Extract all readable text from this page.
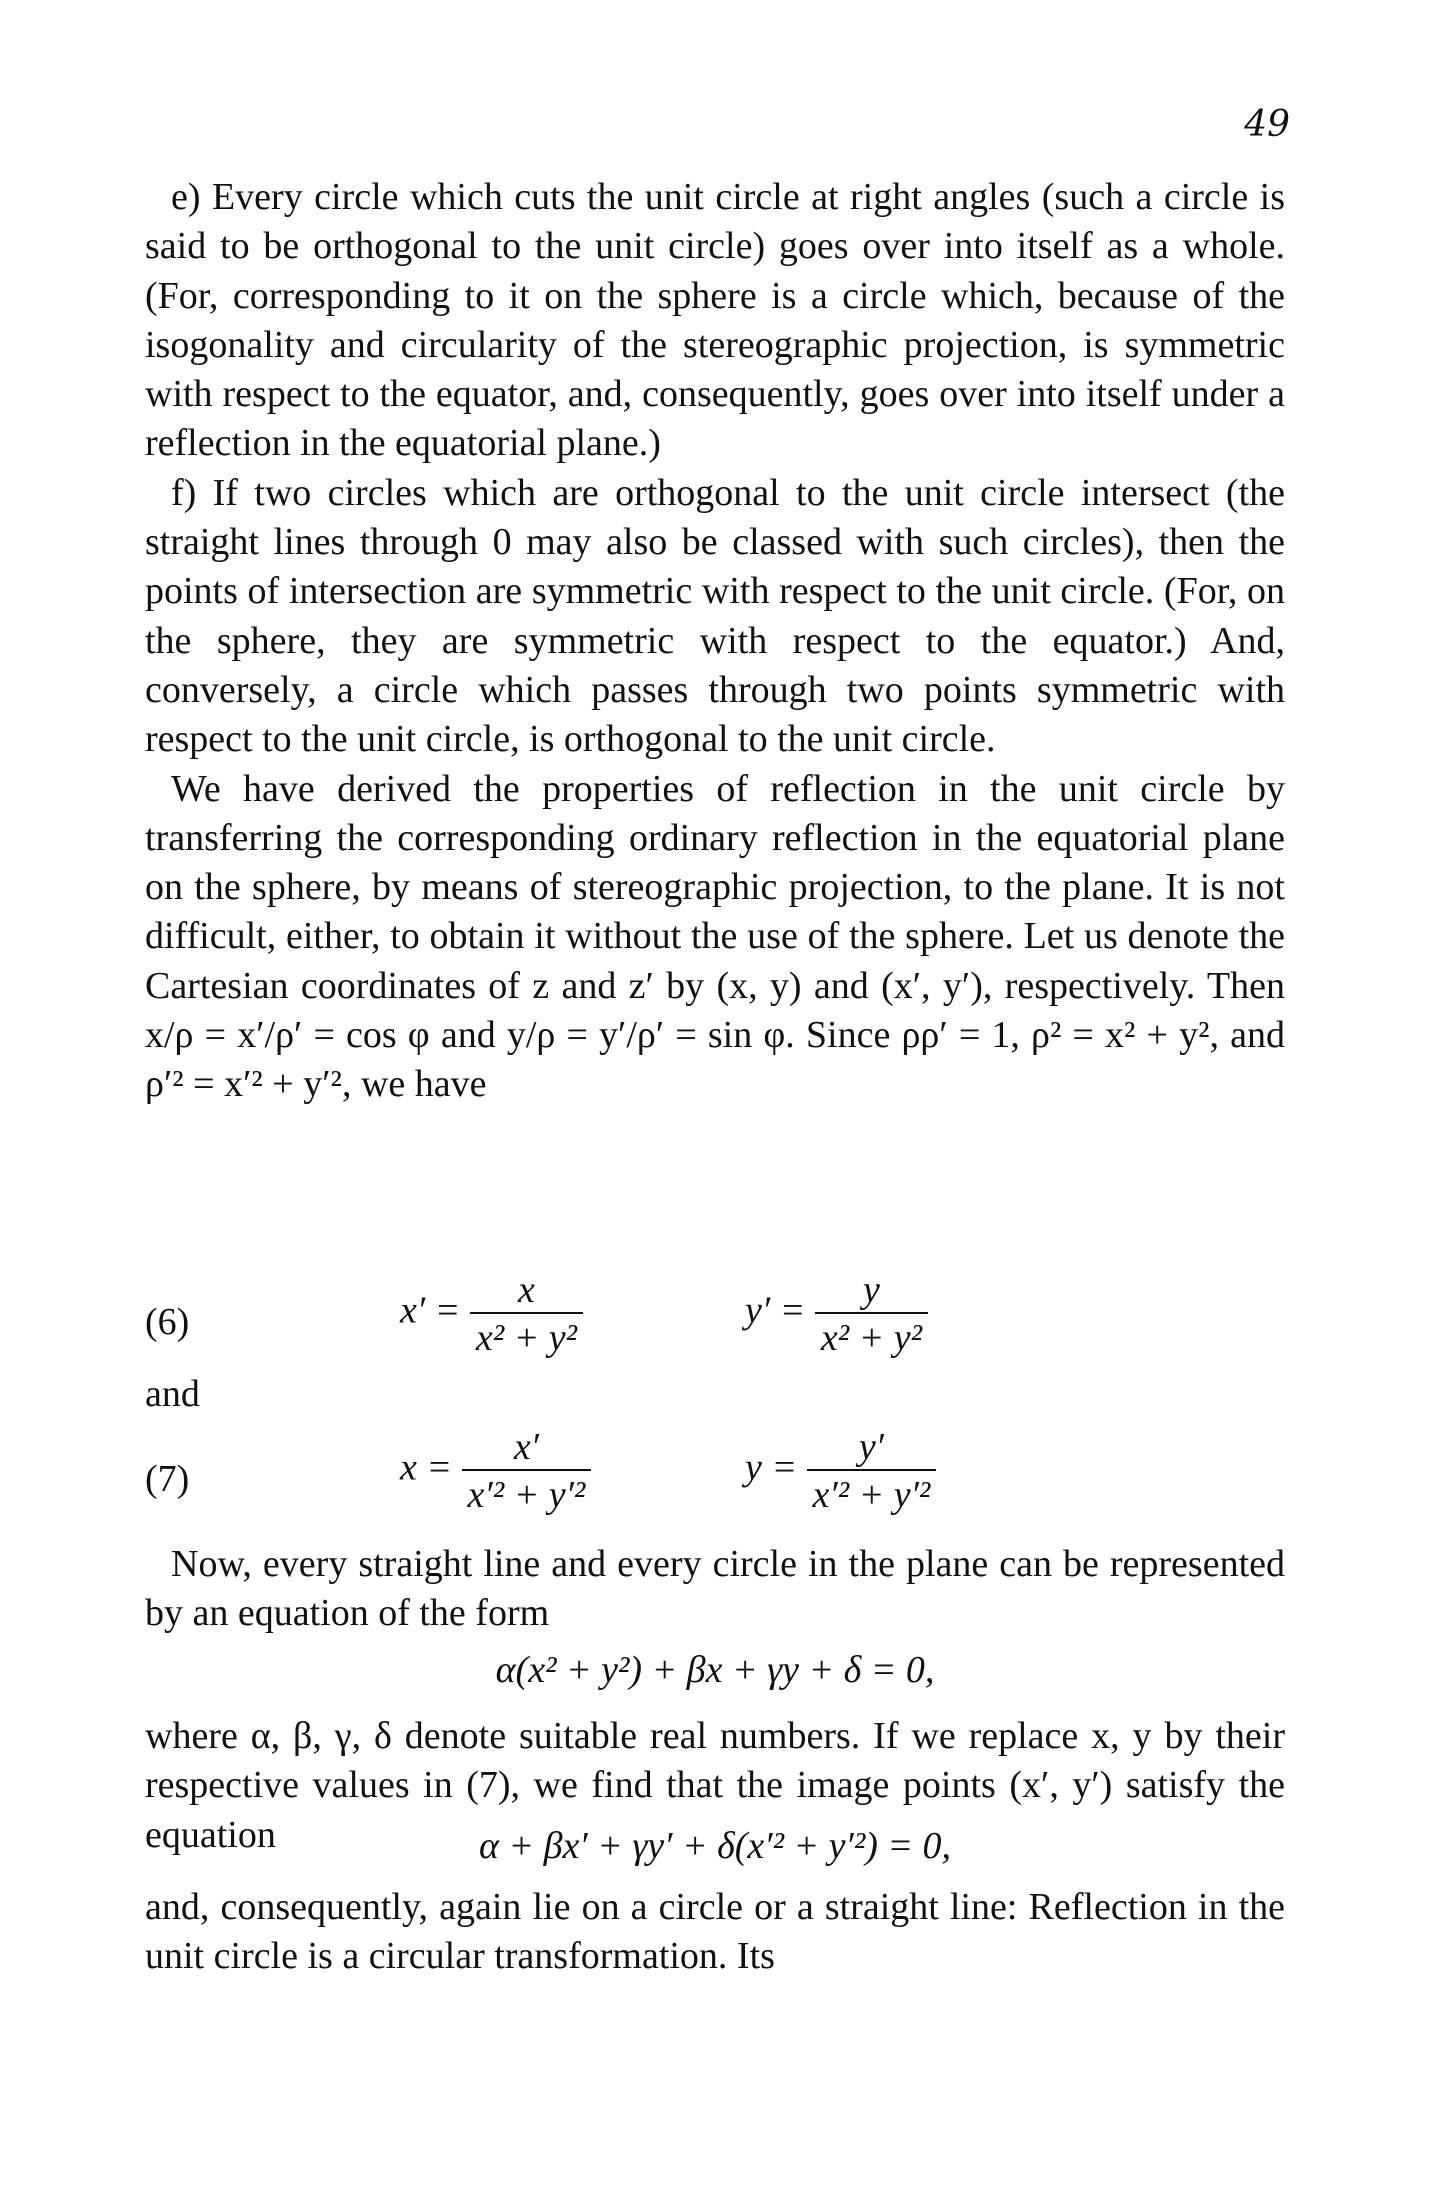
49

e) Every circle which cuts the unit circle at right angles (such a circle is said to be orthogonal to the unit circle) goes over into itself as a whole. (For, corresponding to it on the sphere is a circle which, because of the isogonality and circularity of the stereographic projection, is symmetric with respect to the equator, and, consequently, goes over into itself under a reflection in the equatorial plane.)

f) If two circles which are orthogonal to the unit circle intersect (the straight lines through 0 may also be classed with such circles), then the points of intersection are symmetric with respect to the unit circle. (For, on the sphere, they are symmetric with respect to the equator.) And, conversely, a circle which passes through two points symmetric with respect to the unit circle, is orthogonal to the unit circle.

We have derived the properties of reflection in the unit circle by transferring the corresponding ordinary reflection in the equatorial plane on the sphere, by means of stereographic projection, to the plane. It is not difficult, either, to obtain it without the use of the sphere. Let us denote the Cartesian coordinates of z and z′ by (x, y) and (x′, y′), respectively. Then x/ρ = x′/ρ′ = cos φ and y/ρ = y′/ρ′ = sin φ. Since ρρ′ = 1, ρ² = x² + y², and ρ′² = x′² + y′², we have

(6)	$x' = \frac{x}{\text{x² + y²}}$	$y' = \frac{y}{\text{x² + y²}}$
and
(7)	$x = \frac{x'}{\text{x′² + y′²}}$	$y = \frac{y'}{\text{x′² + y′²}}$

Now, every straight line and every circle in the plane can be represented by an equation of the form

α(x² + y²) + βx + γy + δ = 0,

where α, β, γ, δ denote suitable real numbers. If we replace x, y by their respective values in (7), we find that the image points (x′, y′) satisfy the equation	α + βx′ + γy′ + δ(x′² + y′²) = 0,

and, consequently, again lie on a circle or a straight line: Reflection in the unit circle is a circular transformation. Its
